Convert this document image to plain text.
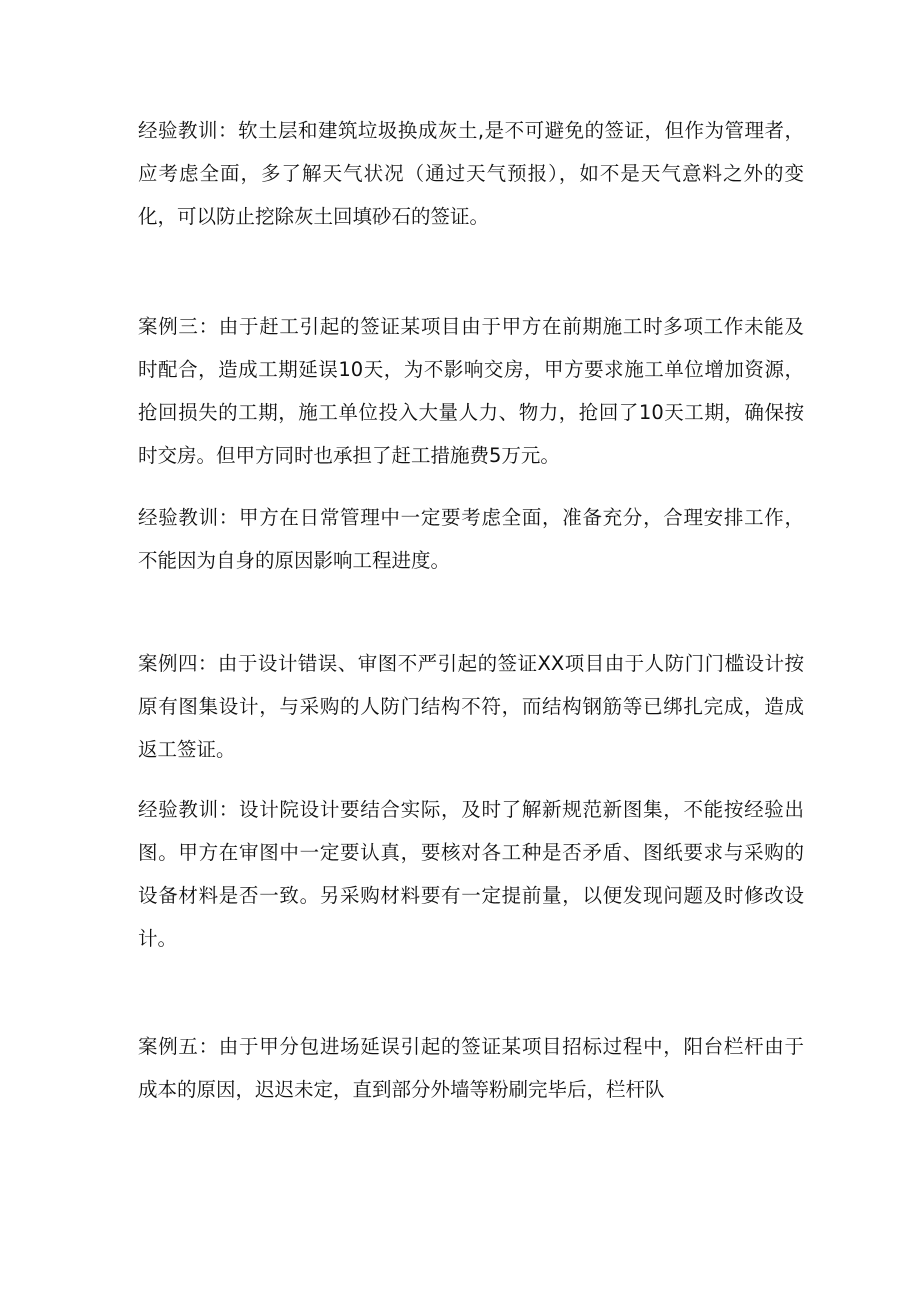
经验教训：软土层和建筑垃圾换成灰土,是不可避免的签证，但作为管理者，
应考虑全面，多了解天气状况（通过天气预报），如不是天气意料之外的变
化，可以防止挖除灰土回填砂石的签证。
案例三：由于赶工引起的签证某项目由于甲方在前期施工时多项工作未能及
时配合，造成工期延误10天，为不影响交房，甲方要求施工单位增加资源，
抢回损失的工期，施工单位投入大量人力、物力，抢回了10天工期，确保按
时交房。但甲方同时也承担了赶工措施费5万元。
经验教训：甲方在日常管理中一定要考虑全面，准备充分，合理安排工作，
不能因为自身的原因影响工程进度。
案例四：由于设计错误、审图不严引起的签证XX项目由于人防门门槛设计按
原有图集设计，与采购的人防门结构不符，而结构钢筋等已绑扎完成，造成
返工签证。
经验教训：设计院设计要结合实际，及时了解新规范新图集，不能按经验出
图。甲方在审图中一定要认真，要核对各工种是否矛盾、图纸要求与采购的
设备材料是否一致。另采购材料要有一定提前量，以便发现问题及时修改设
计。
案例五：由于甲分包进场延误引起的签证某项目招标过程中，阳台栏杆由于
成本的原因，迟迟未定，直到部分外墙等粉刷完毕后，栏杆队
